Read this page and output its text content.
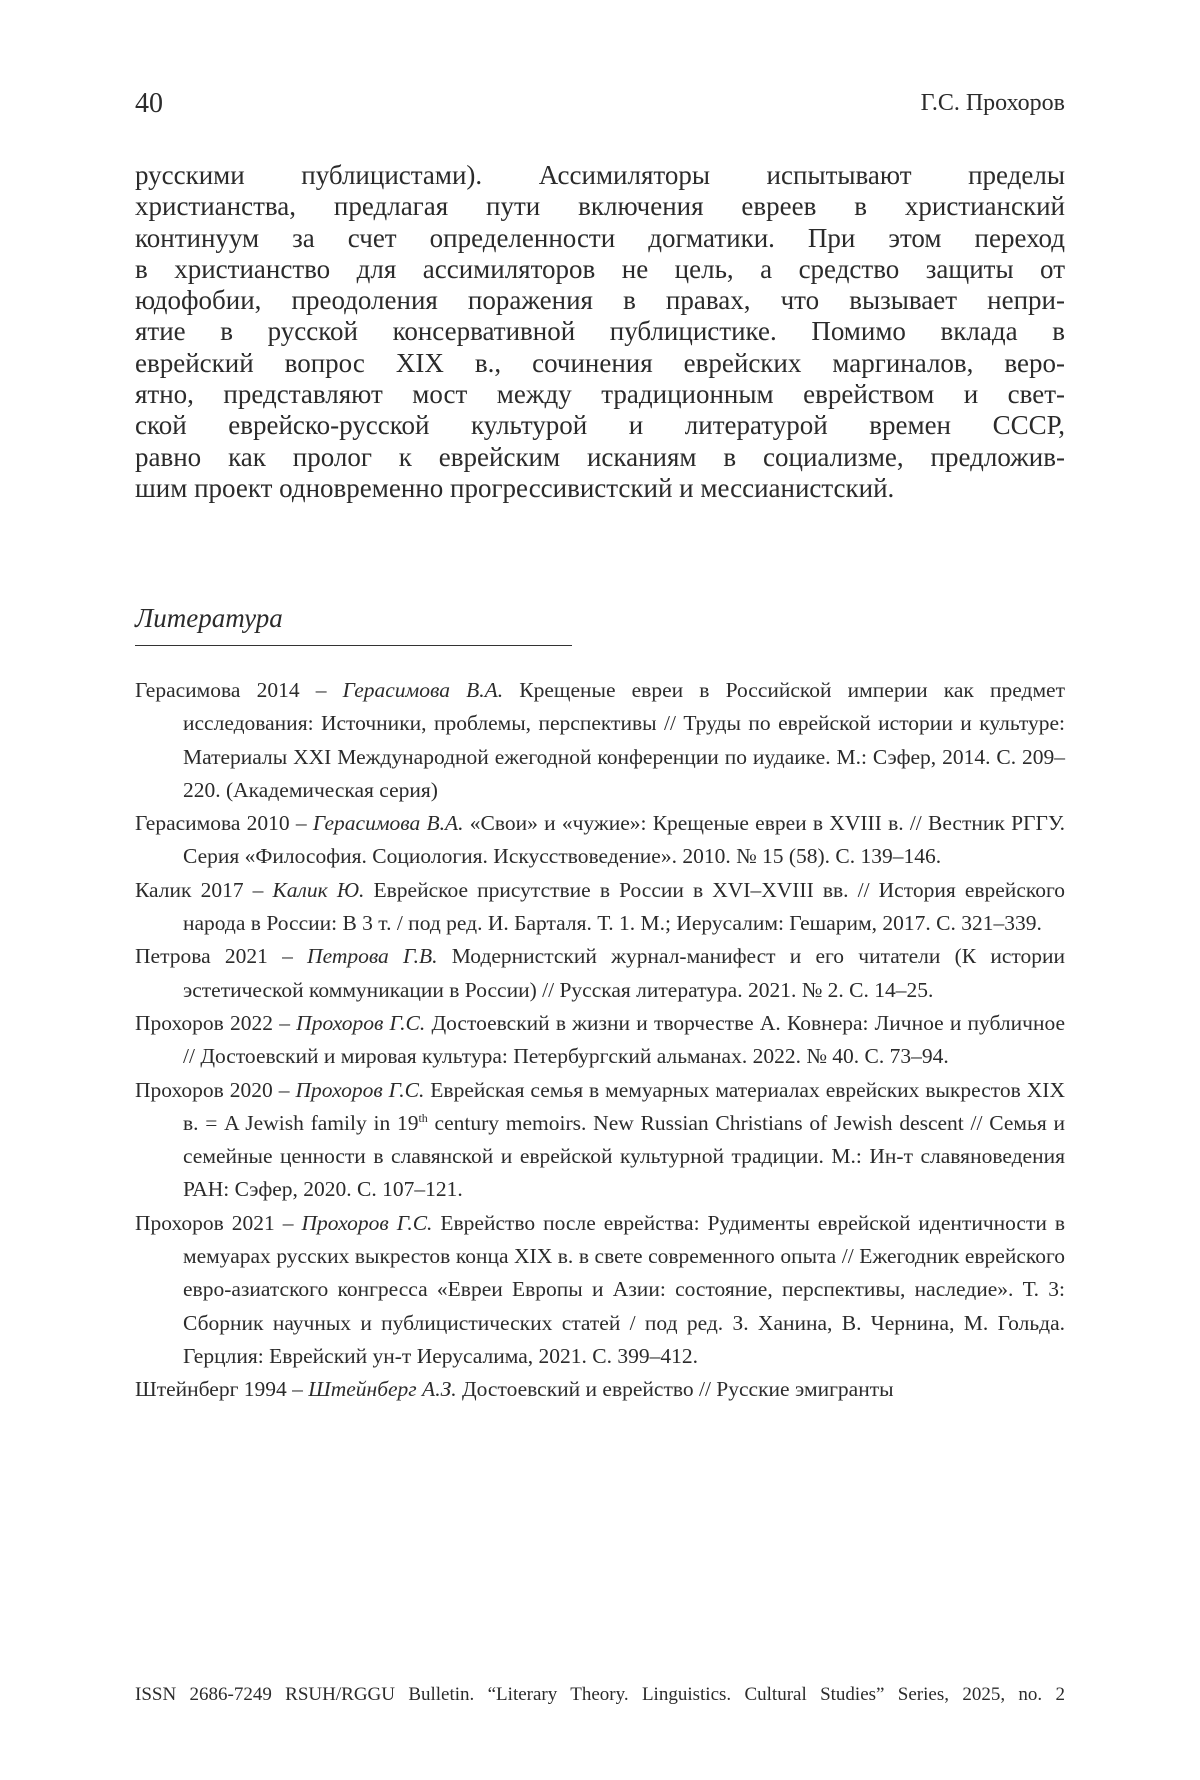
40	Г.С. Прохоров
русскими публицистами). Ассимиляторы испытывают пределы
христианства, предлагая пути включения евреев в христианский
континуум за счет определенности догматики. При этом переход
в христианство для ассимиляторов не цель, а средство защиты от
юдофобии, преодоления поражения в правах, что вызывает непри-
ятие в русской консервативной публицистике. Помимо вклада в
еврейский вопрос XIX в., сочинения еврейских маргиналов, веро-
ятно, представляют мост между традиционным еврейством и свет-
ской еврейско-русской культурой и литературой времен СССР,
равно как пролог к еврейским исканиям в социализме, предложив-
шим проект одновременно прогрессивистский и мессианистский.
Литература

Герасимова 2014 – Герасимова В.А. Крещеные евреи в Российской империи как предмет исследования: Источники, проблемы, перспективы // Труды по еврейской истории и культуре: Материалы XXI Международной ежегодной конференции по иудаике. М.: Сэфер, 2014. С. 209–220. (Академическая серия)

Герасимова 2010 – Герасимова В.А. «Свои» и «чужие»: Крещеные евреи в XVIII в. // Вестник РГГУ. Серия «Философия. Социология. Искусствоведение». 2010. № 15 (58). С. 139–146.

Калик 2017 – Калик Ю. Еврейское присутствие в России в XVI–XVIII вв. // История еврейского народа в России: В 3 т. / под ред. И. Барталя. Т. 1. М.; Иерусалим: Гешарим, 2017. С. 321–339.

Петрова 2021 – Петрова Г.В. Модернистский журнал-манифест и его читатели (К истории эстетической коммуникации в России) // Русская литература. 2021. № 2. С. 14–25.

Прохоров 2022 – Прохоров Г.С. Достоевский в жизни и творчестве А. Ковнера: Личное и публичное // Достоевский и мировая культура: Петербургский альманах. 2022. № 40. С. 73–94.

Прохоров 2020 – Прохоров Г.С. Еврейская семья в мемуарных материалах еврейских выкрестов XIX в. = A Jewish family in 19th century memoirs. New Russian Christians of Jewish descent // Семья и семейные ценности в славянской и еврейской культурной традиции. М.: Ин-т славяноведения РАН: Сэфер, 2020. С. 107–121.

Прохоров 2021 – Прохоров Г.С. Еврейство после еврейства: Рудименты еврейской идентичности в мемуарах русских выкрестов конца XIX в. в свете современного опыта // Ежегодник еврейского евро-азиатского конгресса «Евреи Европы и Азии: состояние, перспективы, наследие». Т. 3: Сборник научных и публицистических статей / под ред. З. Ханина, В. Чернина, М. Гольда. Герцлия: Еврейский ун-т Иерусалима, 2021. С. 399–412.

Штейнберг 1994 – Штейнберг А.З. Достоевский и еврейство // Русские эмигранты

ISSN 2686-7249 RSUH/RGGU Bulletin. “Literary Theory. Linguistics. Cultural Studies” Series, 2025, no. 2
